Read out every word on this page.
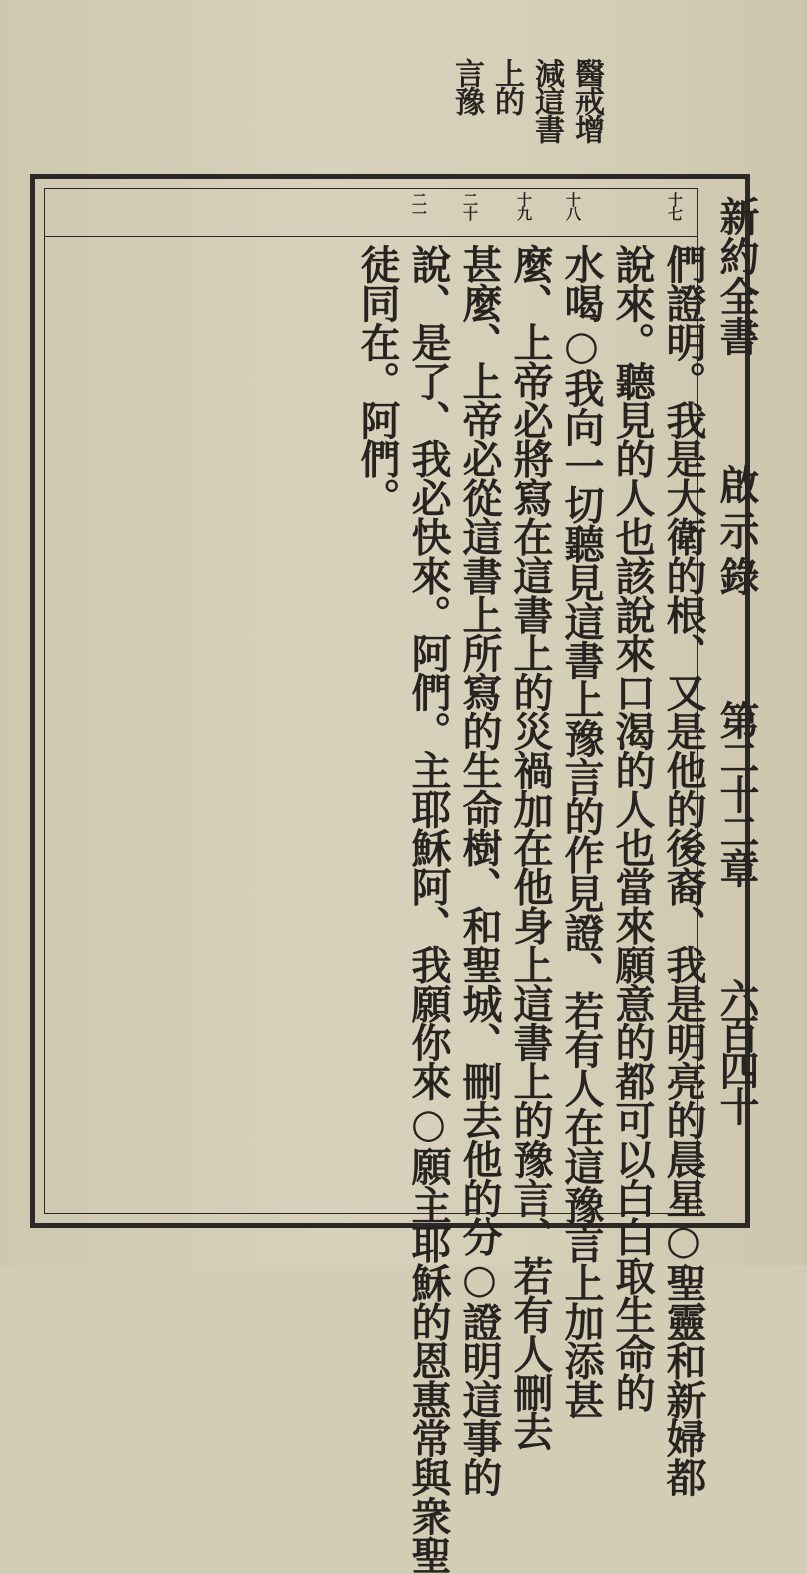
醫戒增
減這書
上的
言豫
新約全書
啟示錄
第二十二章
六百四十
十七
十八
十九
二十
二一
們證明。我是大衛的根、又是他的後裔、我是明亮的晨星○聖靈和新婦都
說來。聽見的人也該說來口渴的人也當來願意的都可以白白取生命的
水喝○我向一切聽見這書上豫言的作見證、若有人在這豫言上加添甚
麼、上帝必將寫在這書上的災禍加在他身上這書上的豫言、若有人刪去
甚麼、上帝必從這書上所寫的生命樹、和聖城、刪去他的分○證明這事的
說、是了、我必快來。阿們。主耶穌阿、我願你來○願主耶穌的恩惠常與衆聖
徒同在。阿們。
